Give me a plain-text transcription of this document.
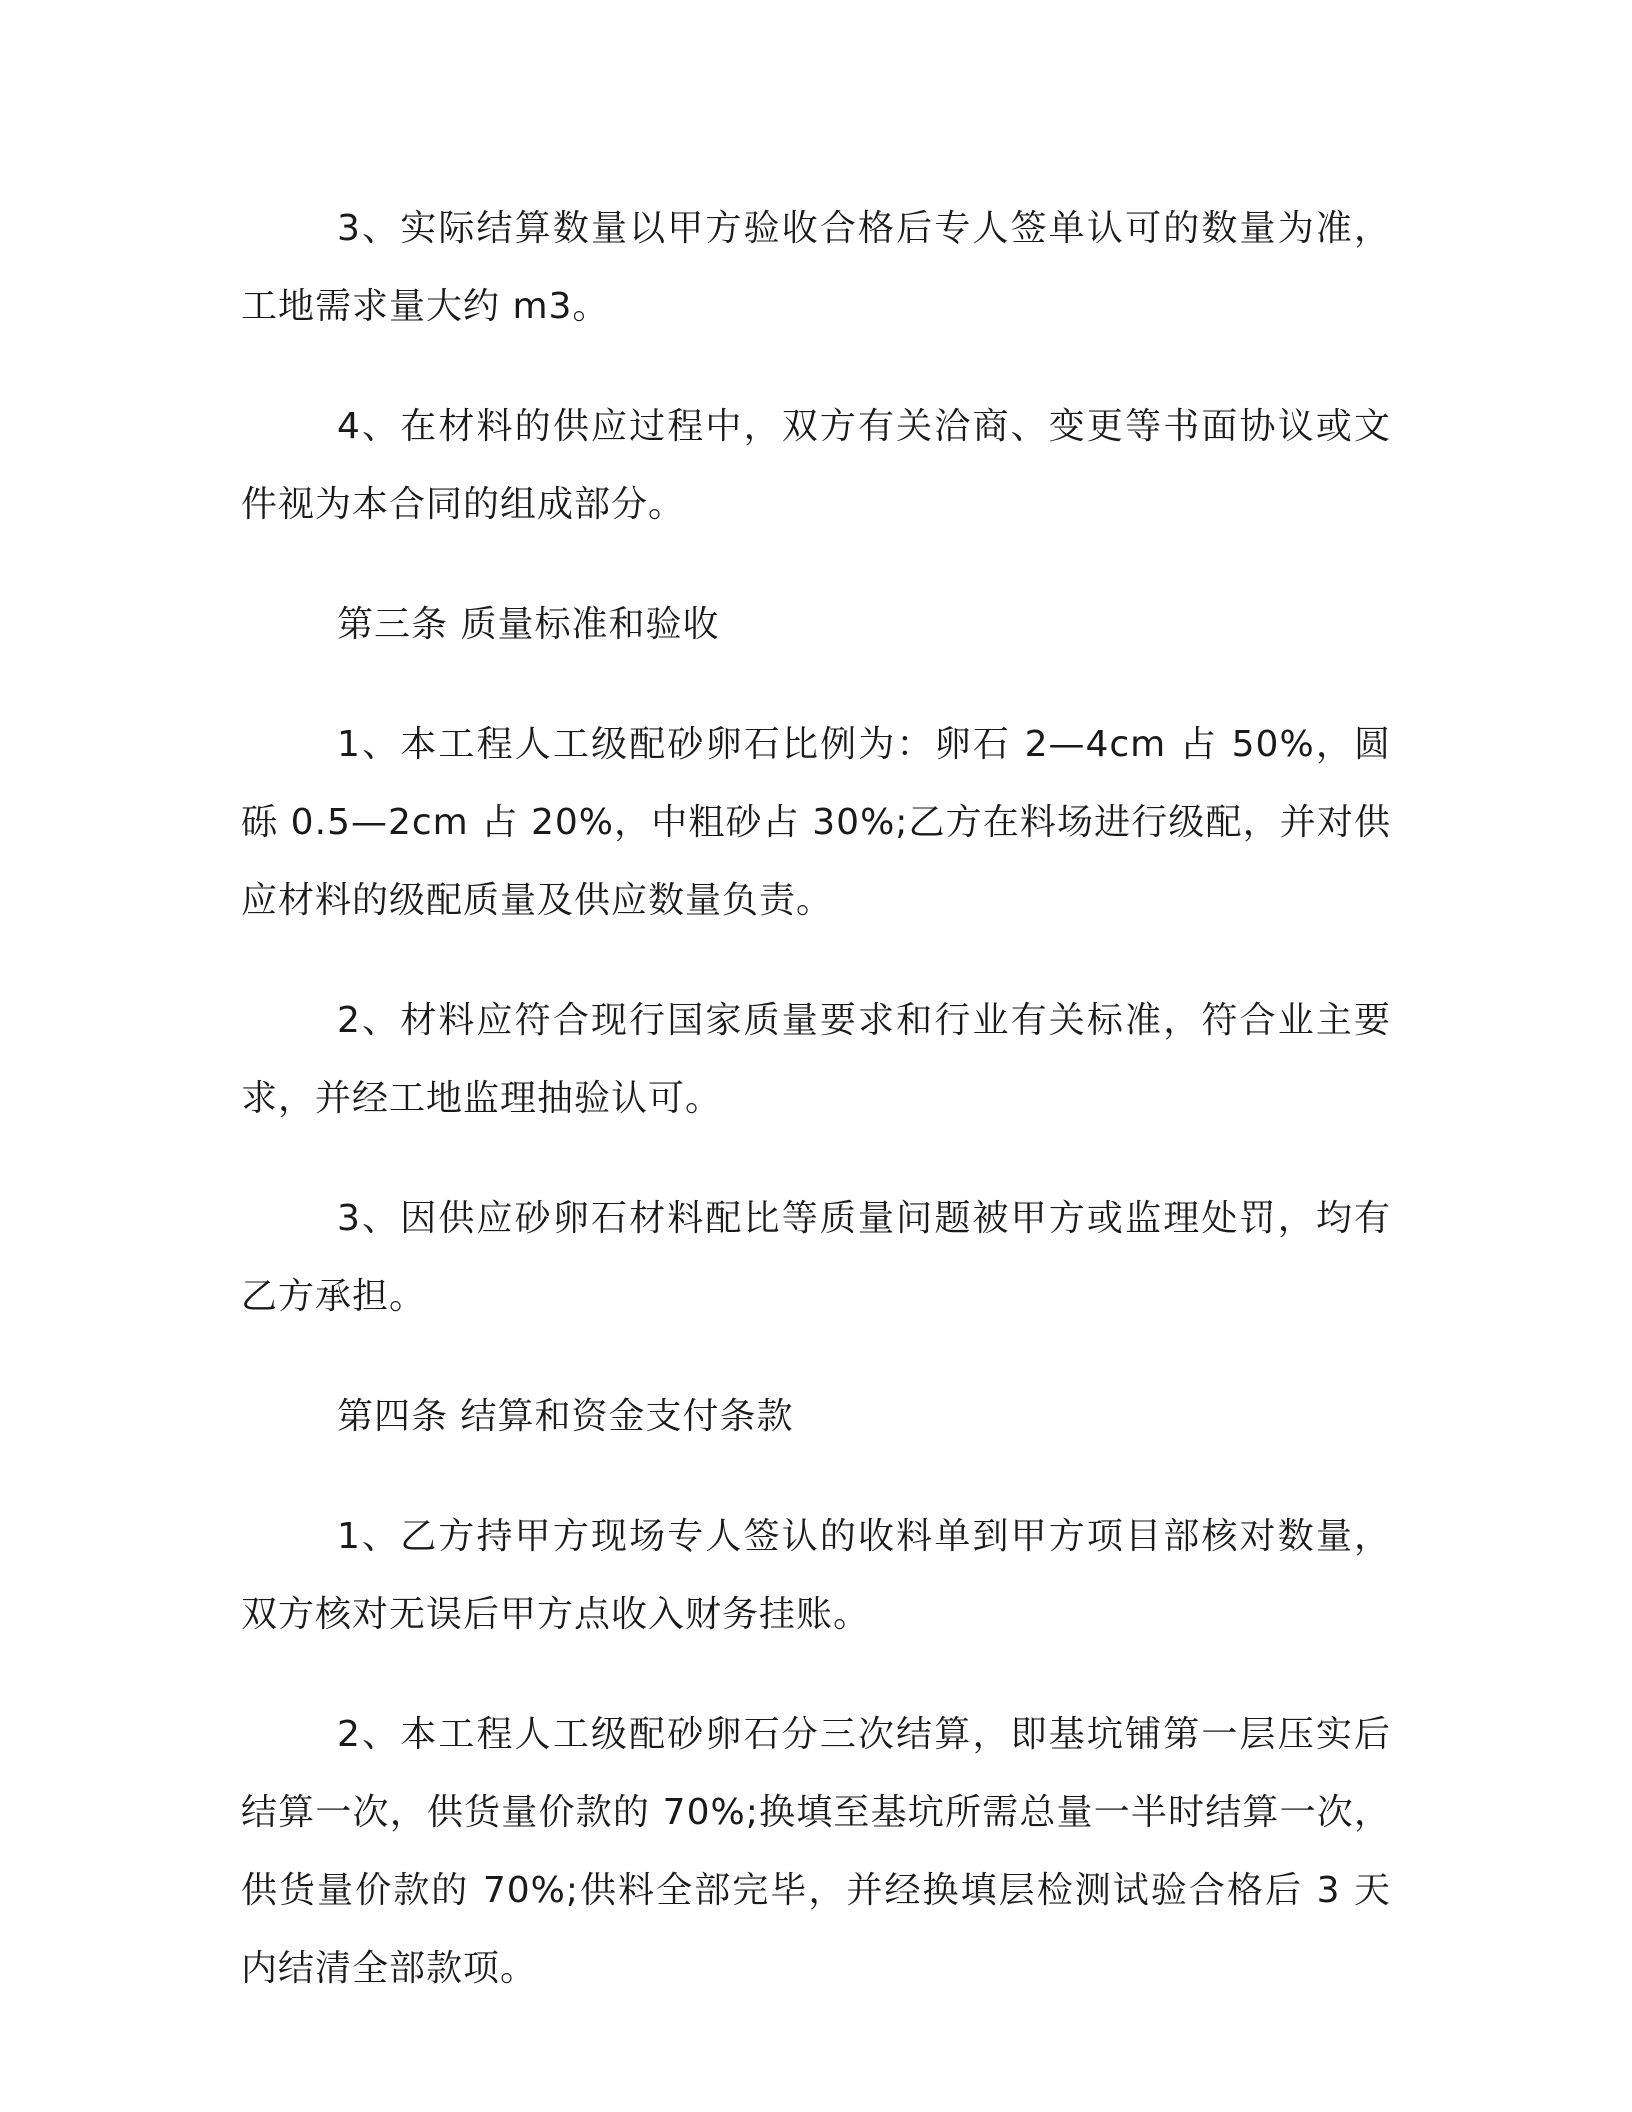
3、实际结算数量以甲方验收合格后专人签单认可的数量为准，工地需求量大约 m3。

4、在材料的供应过程中，双方有关洽商、变更等书面协议或文件视为本合同的组成部分。

第三条 质量标准和验收

1、本工程人工级配砂卵石比例为：卵石 2—4cm 占 50%，圆砾 0.5—2cm 占 20%，中粗砂占 30%;乙方在料场进行级配，并对供应材料的级配质量及供应数量负责。

2、材料应符合现行国家质量要求和行业有关标准，符合业主要求，并经工地监理抽验认可。

3、因供应砂卵石材料配比等质量问题被甲方或监理处罚，均有乙方承担。

第四条 结算和资金支付条款

1、乙方持甲方现场专人签认的收料单到甲方项目部核对数量，双方核对无误后甲方点收入财务挂账。

2、本工程人工级配砂卵石分三次结算，即基坑铺第一层压实后结算一次，供货量价款的 70%;换填至基坑所需总量一半时结算一次，供货量价款的 70%;供料全部完毕，并经换填层检测试验合格后 3 天内结清全部款项。
